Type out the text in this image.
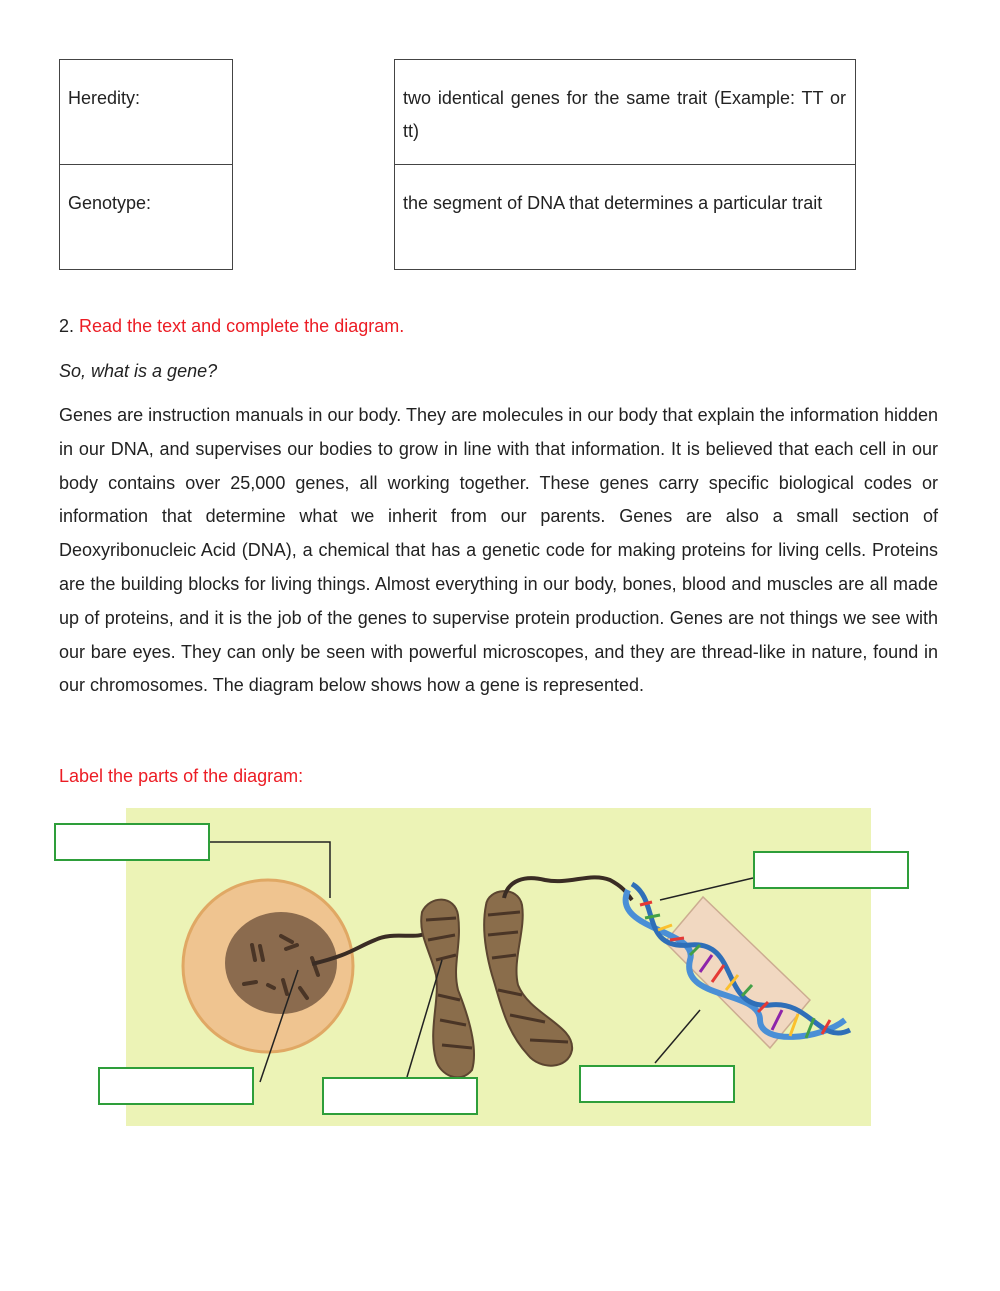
Heredity:
Genotype:
two identical genes for the same trait (Example: TT or tt)
the segment of DNA that determines a particular trait
2. Read the text and complete the diagram.
So, what is a gene?
Genes are instruction manuals in our body. They are molecules in our body that explain the information hidden in our DNA, and supervises our bodies to grow in line with that information. It is believed that each cell in our body contains over 25,000 genes, all working together. These genes carry specific biological codes or information that determine what we inherit from our parents. Genes are also a small section of Deoxyribonucleic Acid (DNA), a chemical that has a genetic code for making proteins for living cells. Proteins are the building blocks for living things. Almost everything in our body, bones, blood and muscles are all made up of proteins, and it is the job of the genes to supervise protein production. Genes are not things we see with our bare eyes. They can only be seen with powerful microscopes, and they are thread-like in nature, found in our chromosomes. The diagram below shows how a gene is represented.
Label the parts of the diagram:
